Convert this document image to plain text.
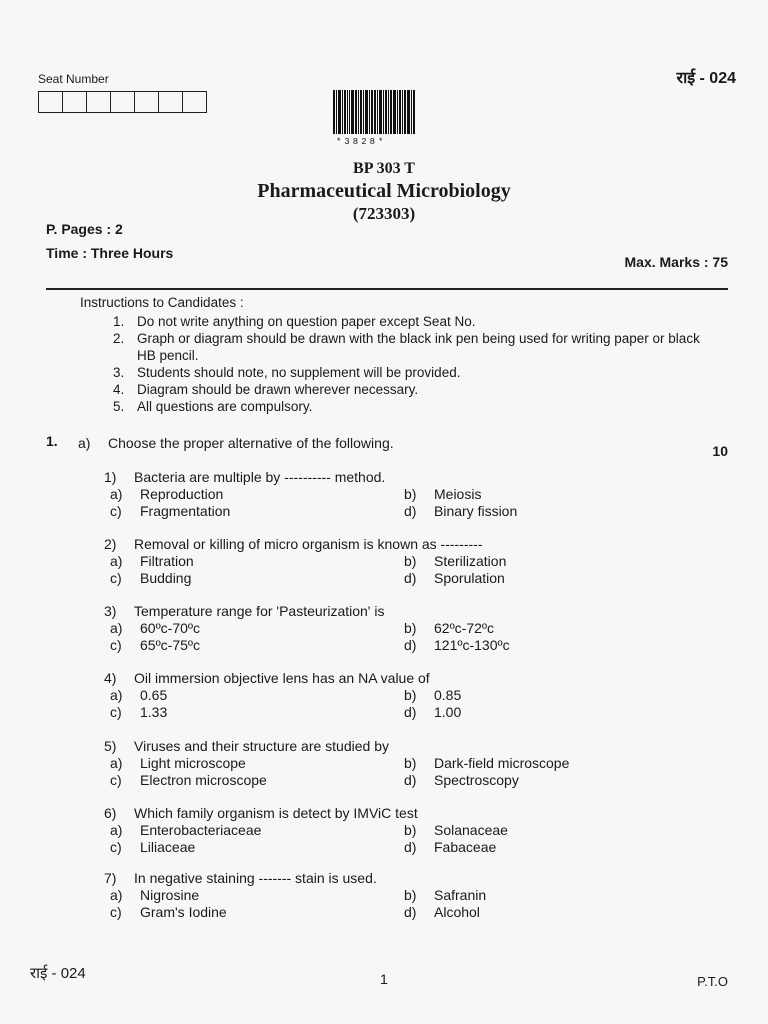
Seat Number	राई - 024
*3828*
BP 303 T
Pharmaceutical Microbiology
(723303)
P. Pages : 2
Time : Three Hours
Max. Marks : 75
Instructions to Candidates :
1. Do not write anything on question paper except Seat No.
2. Graph or diagram should be drawn with the black ink pen being used for writing paper or black HB pencil.
3. Students should note, no supplement will be provided.
4. Diagram should be drawn wherever necessary.
5. All questions are compulsory.
1. a) Choose the proper alternative of the following.	10
1)	Bacteria are multiple by ---------- method.
a)	Reproduction	b)	Meiosis
c)	Fragmentation	d)	Binary fission
2)	Removal or killing of micro organism is known as ---------
a)	Filtration	b)	Sterilization
c)	Budding	d)	Sporulation
3)	Temperature range for 'Pasteurization' is
a)	60ºc-70ºc	b)	62ºc-72ºc
c)	65ºc-75ºc	d)	121ºc-130ºc
4)	Oil immersion objective lens has an NA value of
a)	0.65	b)	0.85
c)	1.33	d)	1.00
5)	Viruses and their structure are studied by
a)	Light microscope	b)	Dark-field microscope
c)	Electron microscope	d)	Spectroscopy
6)	Which family organism is detect by IMViC test
a)	Enterobacteriaceae	b)	Solanaceae
c)	Liliaceae	d)	Fabaceae
7)	In negative staining ------- stain is used.
a)	Nigrosine	b)	Safranin
c)	Gram's Iodine	d)	Alcohol
राई - 024	1	P.T.O
